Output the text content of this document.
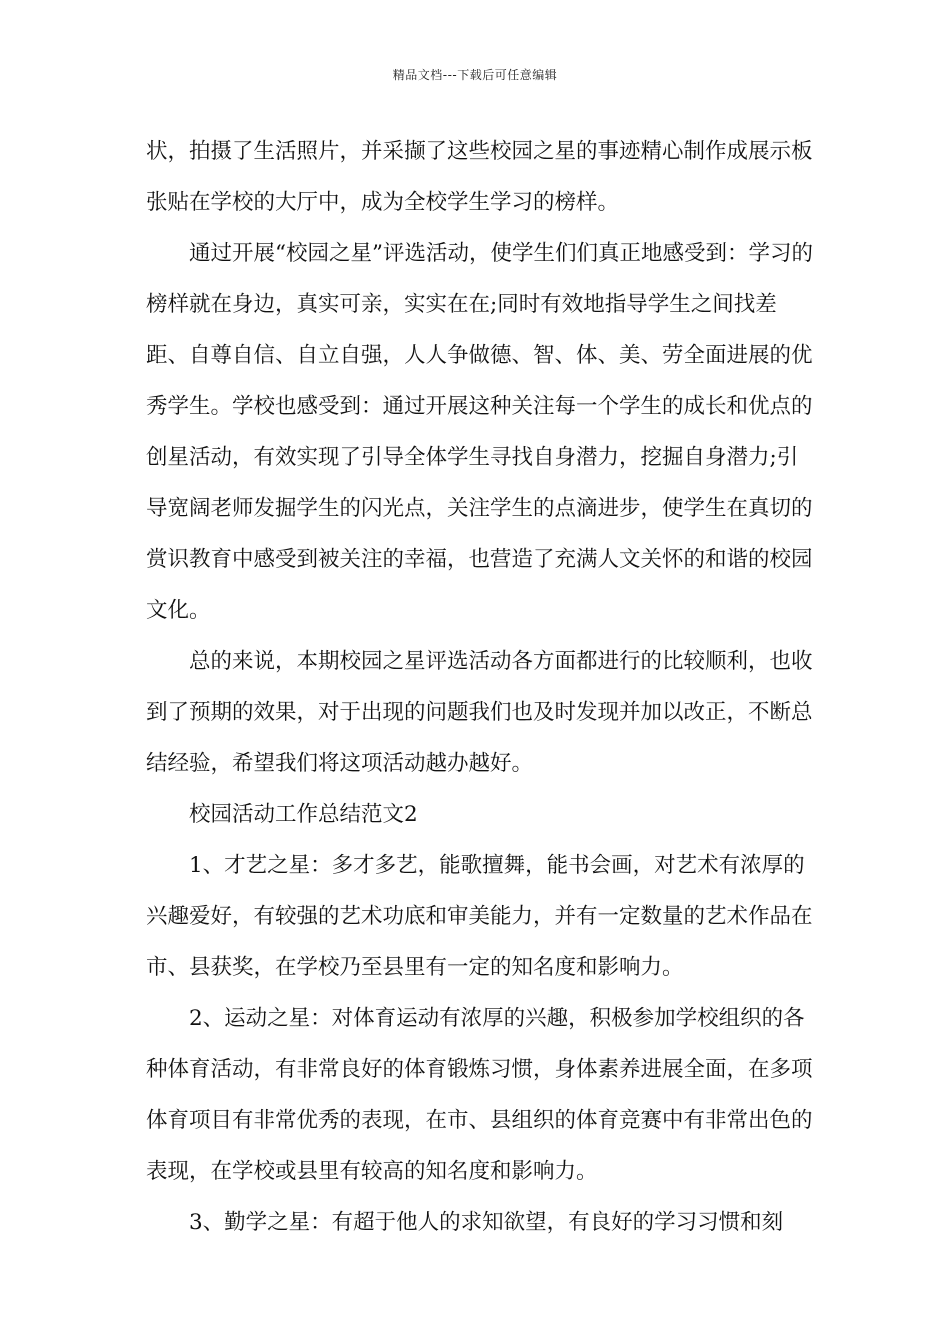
精品文档---下载后可任意编辑

状，拍摄了生活照片，并采撷了这些校园之星的事迹精心制作成展示板张贴在学校的大厅中，成为全校学生学习的榜样。

通过开展“校园之星”评选活动，使学生们们真正地感受到：学习的榜样就在身边，真实可亲，实实在在;同时有效地指导学生之间找差距、自尊自信、自立自强，人人争做德、智、体、美、劳全面进展的优秀学生。学校也感受到：通过开展这种关注每一个学生的成长和优点的创星活动，有效实现了引导全体学生寻找自身潜力，挖掘自身潜力;引导宽阔老师发掘学生的闪光点，关注学生的点滴进步，使学生在真切的赏识教育中感受到被关注的幸福，也营造了充满人文关怀的和谐的校园文化。

总的来说，本期校园之星评选活动各方面都进行的比较顺利，也收到了预期的效果，对于出现的问题我们也及时发现并加以改正，不断总结经验，希望我们将这项活动越办越好。

校园活动工作总结范文2

1、才艺之星：多才多艺，能歌擅舞，能书会画，对艺术有浓厚的兴趣爱好，有较强的艺术功底和审美能力，并有一定数量的艺术作品在市、县获奖，在学校乃至县里有一定的知名度和影响力。

2、运动之星：对体育运动有浓厚的兴趣，积极参加学校组织的各种体育活动，有非常良好的体育锻炼习惯，身体素养进展全面，在多项体育项目有非常优秀的表现，在市、县组织的体育竞赛中有非常出色的表现，在学校或县里有较高的知名度和影响力。

3、勤学之星：有超于他人的求知欲望，有良好的学习习惯和刻
